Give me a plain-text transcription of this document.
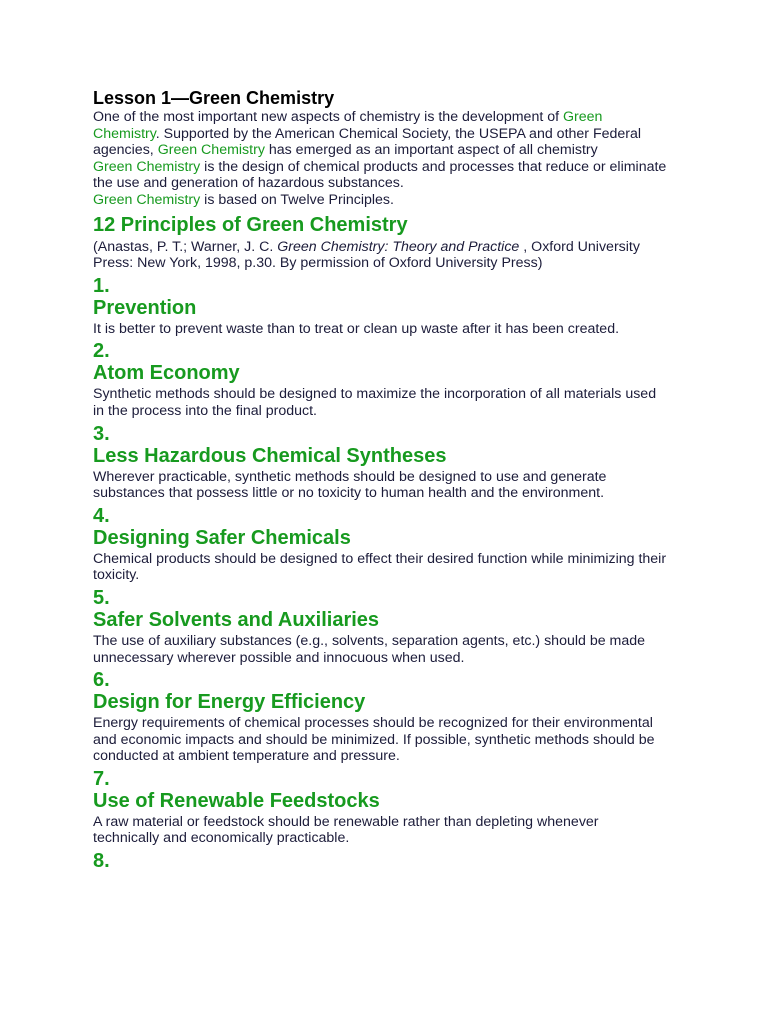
Lesson 1—Green Chemistry

One of the most important new aspects of chemistry is the development of Green Chemistry. Supported by the American Chemical Society, the USEPA and other Federal

agencies, Green Chemistry has emerged as an important aspect of all chemistry

Green Chemistry is the design of chemical products and processes that reduce or eliminate the use and generation of hazardous substances.

Green Chemistry is based on Twelve Principles.

12 Principles of Green Chemistry

(Anastas, P. T.; Warner, J. C. Green Chemistry: Theory and Practice , Oxford University Press: New York, 1998, p.30. By permission of Oxford University Press)

1.
Prevention

It is better to prevent waste than to treat or clean up waste after it has been created.

2.
Atom Economy

Synthetic methods should be designed to maximize the incorporation of all materials used in the process into the final product.

3.
Less Hazardous Chemical Syntheses

Wherever practicable, synthetic methods should be designed to use and generate substances that possess little or no toxicity to human health and the environment.

4.
Designing Safer Chemicals

Chemical products should be designed to effect their desired function while minimizing their toxicity.

5.
Safer Solvents and Auxiliaries

The use of auxiliary substances (e.g., solvents, separation agents, etc.) should be made unnecessary wherever possible and innocuous when used.

6.
Design for Energy Efficiency

Energy requirements of chemical processes should be recognized for their environmental and economic impacts and should be minimized. If possible, synthetic methods should be conducted at ambient temperature and pressure.

7.
Use of Renewable Feedstocks

A raw material or feedstock should be renewable rather than depleting whenever technically and economically practicable.

8.
